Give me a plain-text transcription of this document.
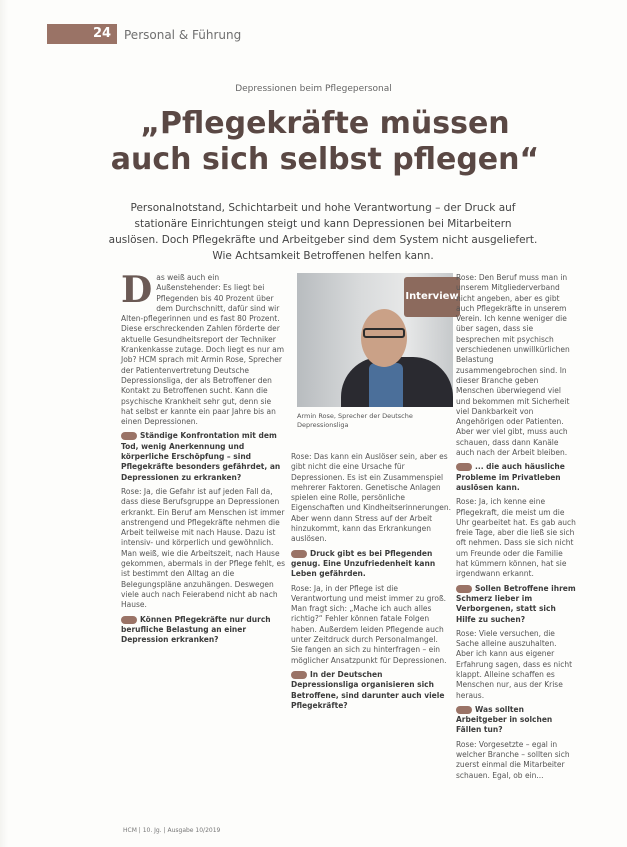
24 Personal & Führung
Depressionen beim Pflegepersonal
„Pflegekräfte müssen auch sich selbst pflegen“
Personalnotstand, Schichtarbeit und hohe Verantwortung – der Druck auf stationäre Einrichtungen steigt und kann Depressionen bei Mitarbeitern auslösen. Doch Pflegekräfte und Arbeitgeber sind dem System nicht ausgeliefert. Wie Achtsamkeit Betroffenen helfen kann.

Das weiß auch ein Außenstehender: Es liegt bei Pflegenden bis 40 Prozent über dem Durchschnitt, dafür sind wir Alten-pflegerinnen und es fast 80 Prozent. Diese erschreckenden Zahlen förderte der aktuelle Gesundheitsreport der Techniker Krankenkasse zutage. Doch liegt es nur am Job? HCM sprach mit Armin Rose, Sprecher der Patientenvertretung Deutsche Depressionsliga, der als Betroffener den Kontakt zu Betroffenen sucht. Kann die psychische Krankheit sehr gut, denn sie hat selbst er kannte ein paar Jahre bis an einen Depressionen.

Ständige Konfrontation mit dem Tod, wenig Anerkennung und körperliche Erschöpfung – sind Pflegekräfte besonders gefährdet, an Depressionen zu erkranken?

Rose: Ja, die Gefahr ist auf jeden Fall da, dass diese Berufsgruppe an Depressionen erkrankt. Ein Beruf am Menschen ist immer anstrengend und Pflegekräfte nehmen die Arbeit teilweise mit nach Hause. Dazu ist intensiv- und körperlich und gewöhnlich. Man weiß, wie die Arbeitszeit, nach Hause gekommen, abermals in der Pflege fehlt, es ist bestimmt den Alltag an die Belegungspläne anzuhängen. Deswegen viele auch nach Feierabend nicht ab nach Hause.

Können Pflegekräfte nur durch berufliche Belastung an einer Depression erkranken?

Interview
Armin Rose, Sprecher der Deutsche Depressionsliga

Rose: Das kann ein Auslöser sein, aber es gibt nicht die eine Ursache für Depressionen. Es ist ein Zusammenspiel mehrerer Faktoren. Genetische Anlagen spielen eine Rolle, persönliche Eigenschaften und Kindheitserinnerungen. Aber wenn dann Stress auf der Arbeit hinzukommt, kann das Erkrankungen auslösen.

Druck gibt es bei Pflegenden genug. Eine Unzufriedenheit kann Leben gefährden.

Rose: Ja, in der Pflege ist die Verantwortung und meist immer zu groß. Man fragt sich: „Mache ich auch alles richtig?“ Fehler können fatale Folgen haben. Außerdem leiden Pflegende auch unter Zeitdruck durch Personalmangel. Sie fangen an sich zu hinterfragen – ein möglicher Ansatzpunkt für Depressionen.

In der Deutschen Depressionsliga organisieren sich Betroffene, sind darunter auch viele Pflegekräfte?

Rose: Den Beruf muss man in unserem Mitgliederverband nicht angeben, aber es gibt auch Pflegekräfte in unserem Verein. Ich kenne weniger die über sagen, dass sie besprechen mit psychisch verschiedenen unwillkürlichen Belastung zusammengebrochen sind. In dieser Branche geben Menschen überwiegend viel und bekommen mit Sicherheit viel Dankbarkeit von Angehörigen oder Patienten. Aber wer viel gibt, muss auch schauen, dass dann Kanäle auch nach der Arbeit bleiben.

... die auch häusliche Probleme im Privatleben auslösen kann.

Rose: Ja, ich kenne eine Pflegekraft, die meist um die Uhr gearbeitet hat. Es gab auch freie Tage, aber die ließ sie sich oft nehmen. Dass sie sich nicht um Freunde oder die Familie hat kümmern können, hat sie irgendwann erkannt.

Sollen Betroffene ihrem Schmerz lieber im Verborgenen, statt sich Hilfe zu suchen?

Rose: Viele versuchen, die Sache alleine auszuhalten. Aber ich kann aus eigener Erfahrung sagen, dass es nicht klappt. Alleine schaffen es Menschen nur, aus der Krise heraus.

Was sollten Arbeitgeber in solchen Fällen tun?

Rose: Vorgesetzte – egal in welcher Branche – sollten sich zuerst einmal die Mitarbeiter schauen. Egal, ob ein...

HCM | 10. Jg. | Ausgabe 10/2019
